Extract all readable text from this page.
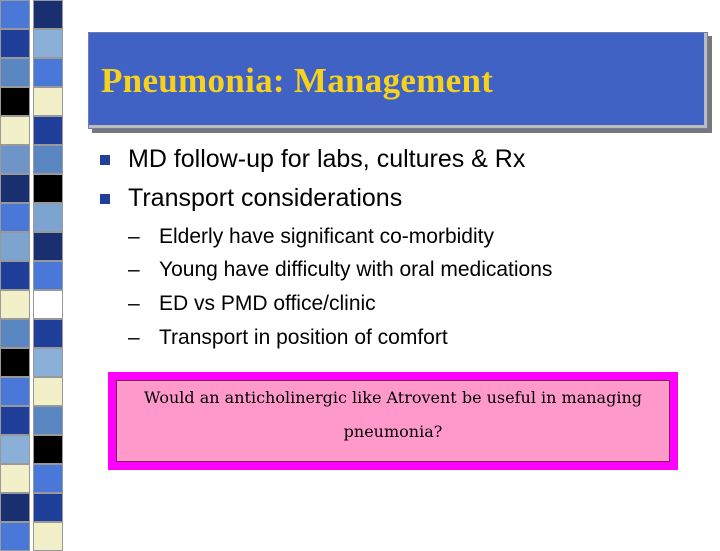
Pneumonia: Management
MD follow-up for labs, cultures & Rx
Transport considerations
– Elderly have significant co-morbidity
– Young have difficulty with oral medications
– ED vs PMD office/clinic
– Transport in position of comfort
Would an anticholinergic like Atrovent be useful in managing pneumonia?
